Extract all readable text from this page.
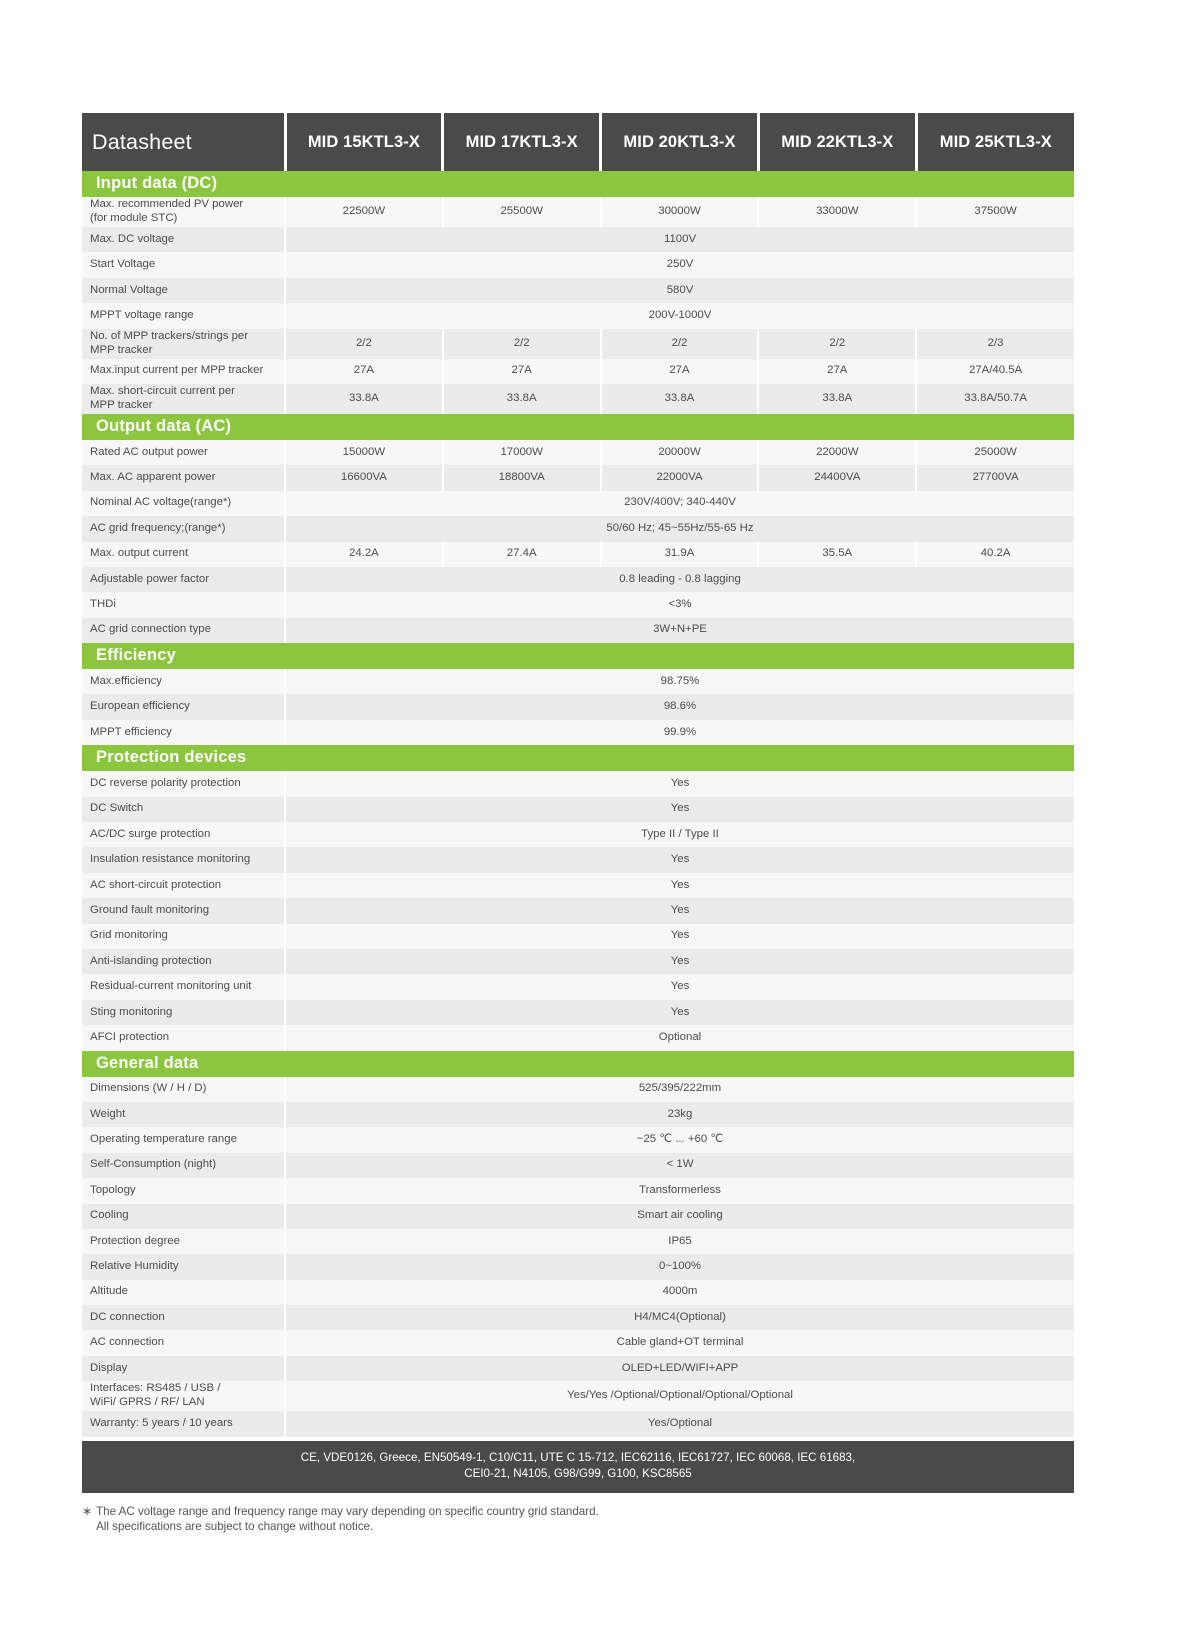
Datasheet	MID 15KTL3-X	MID 17KTL3-X	MID 20KTL3-X	MID 22KTL3-X	MID 25KTL3-X
Input data (DC)					

Max. recommended PV power
(for module STC)	22500W	25500W	30000W	33000W	37500W

Max. DC voltage	1100V				

Start Voltage	250V				

Normal Voltage	580V				

MPPT voltage range	200V-1000V				

No. of MPP trackers/strings per
MPP tracker	2/2	2/2	2/2	2/2	2/3

Max.input current per MPP tracker	27A	27A	27A	27A	27A/40.5A

Max. short-circuit current per
MPP tracker	33.8A	33.8A	33.8A	33.8A	33.8A/50.7A
Output data (AC)					

Rated AC output power	15000W	17000W	20000W	22000W	25000W

Max. AC apparent power	16600VA	18800VA	22000VA	24400VA	27700VA

Nominal AC voltage(range*)	230V/400V; 340-440V				

AC grid frequency;(range*)	50/60 Hz; 45~55Hz/55-65 Hz				

Max. output current	24.2A	27.4A	31.9A	35.5A	40.2A

Adjustable power factor	0.8 leading - 0.8 lagging				

THDi	<3%				

AC grid connection type	3W+N+PE				
Efficiency					

Max.efficiency	98.75%				

European efficiency	98.6%				

MPPT efficiency	99.9%				
Protection devices					

DC reverse polarity protection	Yes				

DC Switch	Yes				

AC/DC surge protection	Type II / Type II				

Insulation resistance monitoring	Yes				

AC short-circuit protection	Yes				

Ground fault monitoring	Yes				

Grid monitoring	Yes				

Anti-islanding protection	Yes				

Residual-current monitoring unit	Yes				

Sting monitoring	Yes				

AFCI protection	Optional				
General data					

Dimensions (W / H / D)	525/395/222mm				

Weight	23kg				

Operating temperature range	−25 ℃ ... +60 ℃				

Self-Consumption (night)	< 1W				

Topology	Transformerless				

Cooling	Smart air cooling				

Protection degree	IP65				

Relative Humidity	0~100%				

Altitude	4000m				

DC connection	H4/MC4(Optional)				

AC connection	Cable gland+OT terminal				

Display	OLED+LED/WIFI+APP				

Interfaces: RS485 / USB /
WiFi/ GPRS / RF/ LAN	Yes/Yes /Optional/Optional/Optional/Optional				

Warranty: 5 years / 10 years	Yes/Optional				
CE, VDE0126, Greece, EN50549-1, C10/C11, UTE C 15-712, IEC62116, IEC61727, IEC 60068, IEC 61683,
CEI0-21, N4105, G98/G99, G100, KSC8565
∗ The AC voltage range and frequency range may vary depending on specific country grid standard.
All specifications are subject to change without notice.
